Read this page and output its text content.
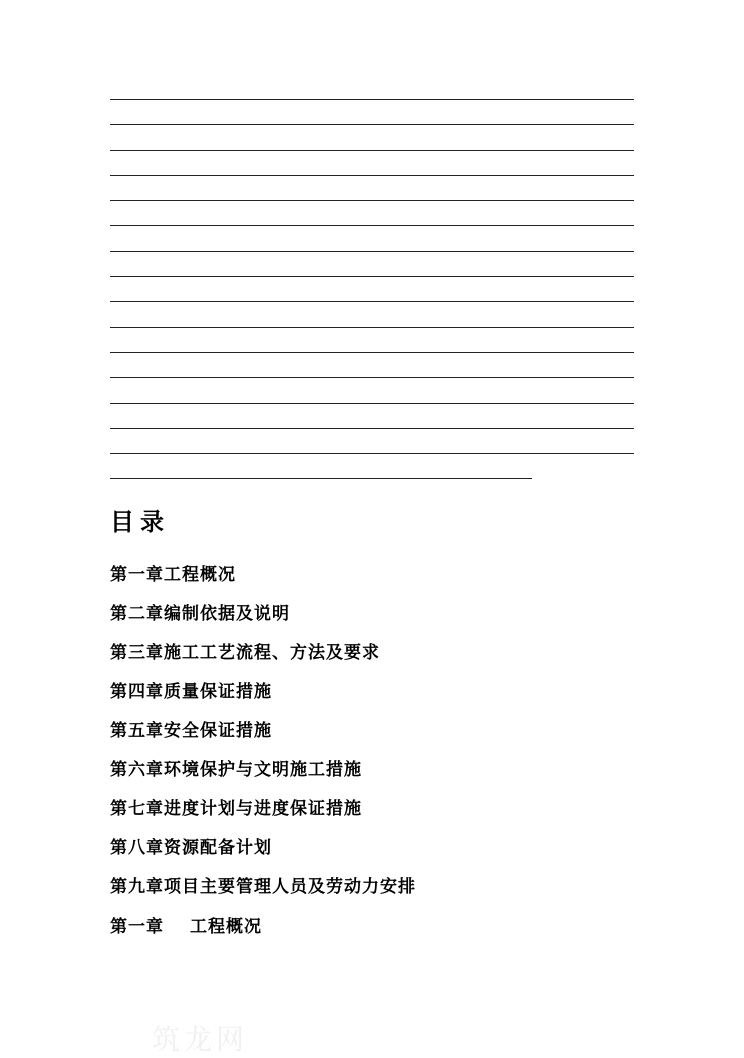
目录
第一章工程概况
第二章编制依据及说明
第三章施工工艺流程、方法及要求
第四章质量保证措施
第五章安全保证措施
第六章环境保护与文明施工措施
第七章进度计划与进度保证措施
第八章资源配备计划
第九章项目主要管理人员及劳动力安排
第一章 工程概况
筑龙网
